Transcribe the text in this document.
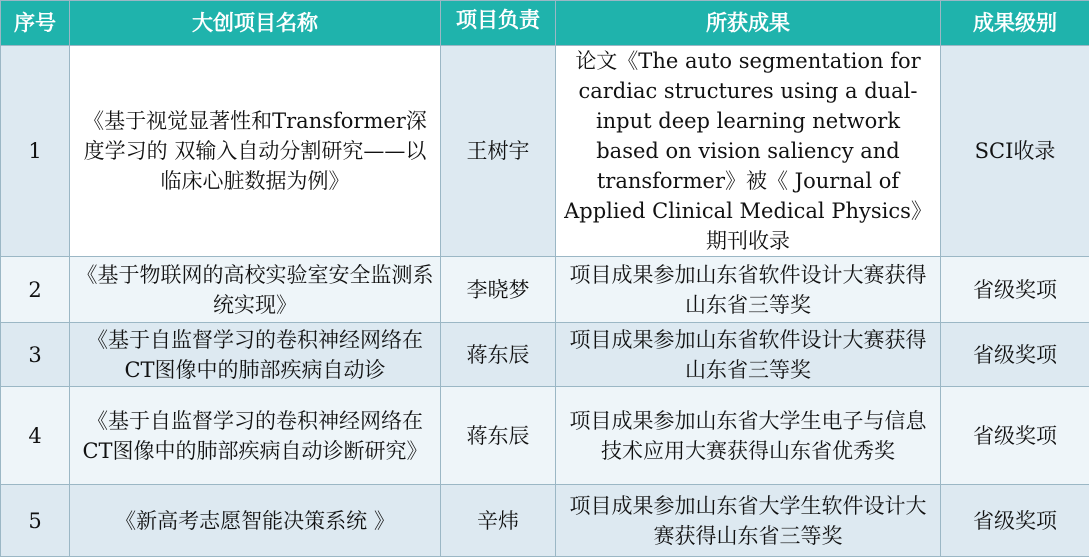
序号	大创项目名称	项目负责	所获成果	成果级别
1	《基于视觉显著性和Transformer深度学习的 双输入自动分割研究——以临床心脏数据为例》	王树宇	论文《The auto segmentation for cardiac structures using a dual-input deep learning network based on vision saliency and transformer》被《 Journal of Applied Clinical Medical Physics》期刊收录	SCI收录
2	《基于物联网的高校实验室安全监测系统实现》	李晓梦	项目成果参加山东省软件设计大赛获得山东省三等奖	省级奖项
3	《基于自监督学习的卷积神经网络在CT图像中的肺部疾病自动诊	蒋东辰	项目成果参加山东省软件设计大赛获得山东省三等奖	省级奖项
4	《基于自监督学习的卷积神经网络在CT图像中的肺部疾病自动诊断研究》	蒋东辰	项目成果参加山东省大学生电子与信息技术应用大赛获得山东省优秀奖	省级奖项
5	《新高考志愿智能决策系统 》	辛炜	项目成果参加山东省大学生软件设计大赛获得山东省三等奖	省级奖项
